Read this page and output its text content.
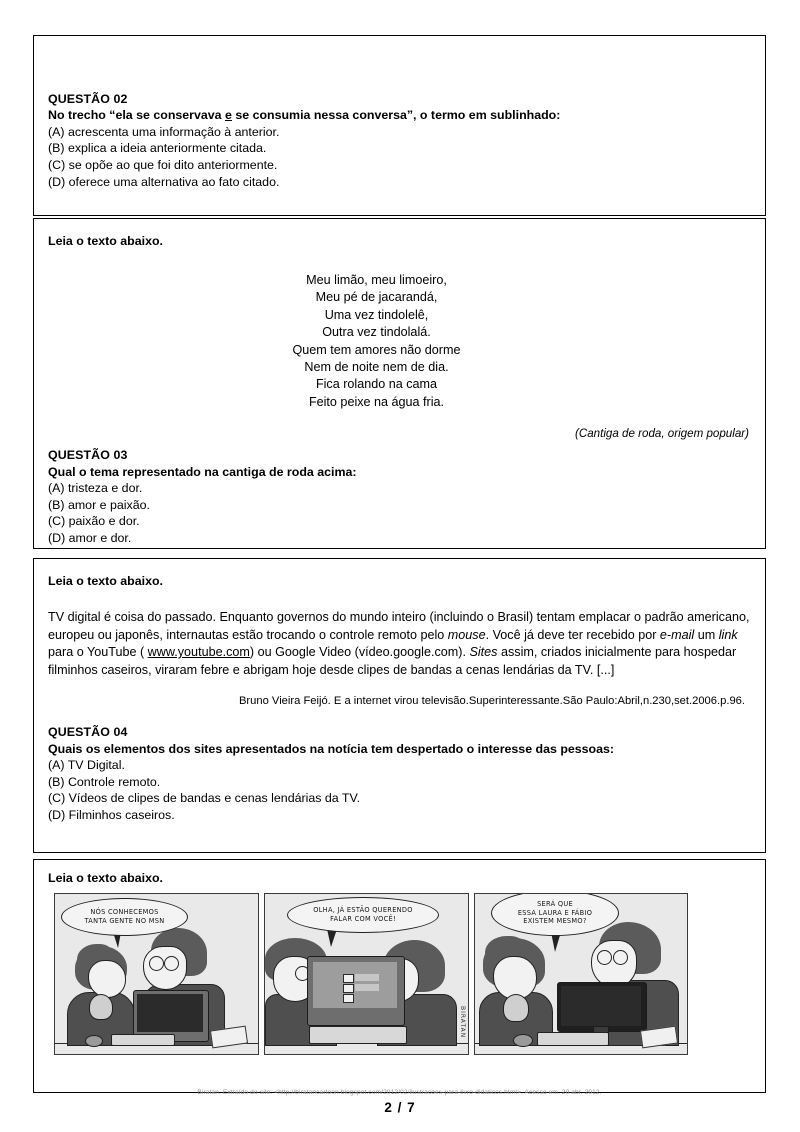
QUESTÃO 02
No trecho “ela se conservava e se consumia nessa conversa”, o termo em sublinhado:
(A) acrescenta uma informação à anterior.
(B) explica a ideia anteriormente citada.
(C) se opõe ao que foi dito anteriormente.
(D) oferece uma alternativa ao fato citado.
Leia o texto abaixo.
Meu limão, meu limoeiro,
Meu pé de jacarandá,
Uma vez tindolelê,
Outra vez tindolalá.
Quem tem amores não dorme
Nem de noite nem de dia.
Fica rolando na cama
Feito peixe na água fria.
(Cantiga de roda, origem popular)
QUESTÃO 03
Qual o tema representado na cantiga de roda acima:
(A) tristeza e dor.
(B) amor e paixão.
(C) paixão e dor.
(D) amor e dor.
Leia o texto abaixo.
TV digital é coisa do passado. Enquanto governos do mundo inteiro (incluindo o Brasil) tentam emplacar o padrão americano, europeu ou japonês, internautas estão trocando o controle remoto pelo mouse. Você já deve ter recebido por e-mail um link para o YouTube ( www.youtube.com) ou Google Video (vídeo.google.com). Sites assim, criados inicialmente para hospedar filminhos caseiros, viraram febre e abrigam hoje desde clipes de bandas a cenas lendárias da TV. [...]
Bruno Vieira Feijó. E a internet virou televisão.Superinteressante.São Paulo:Abril,n.230,set.2006.p.96.
QUESTÃO 04
Quais os elementos dos sites apresentados na notícia tem despertado o interesse das pessoas:
(A) TV Digital.
(B) Controle remoto.
(C) Vídeos de clipes de bandas e cenas lendárias da TV.
(D) Filminhos caseiros.
Leia o texto abaixo.
NÓS CONHECEMOS
TANTA GENTE NO MSN
OLHA, JÁ ESTÃO QUERENDO
FALAR COM VOCÊ!
BIRATAN
SERÁ QUE
ESSA LAURA E FÁBIO
EXISTEM MESMO?
Biratan. Extraído do site: <http://biratancartoon.blogspot.com/2012/02/ilustracoes-para-livro-didaticos.html>. Acesso em. 20 abr. 2012.
2 / 7
